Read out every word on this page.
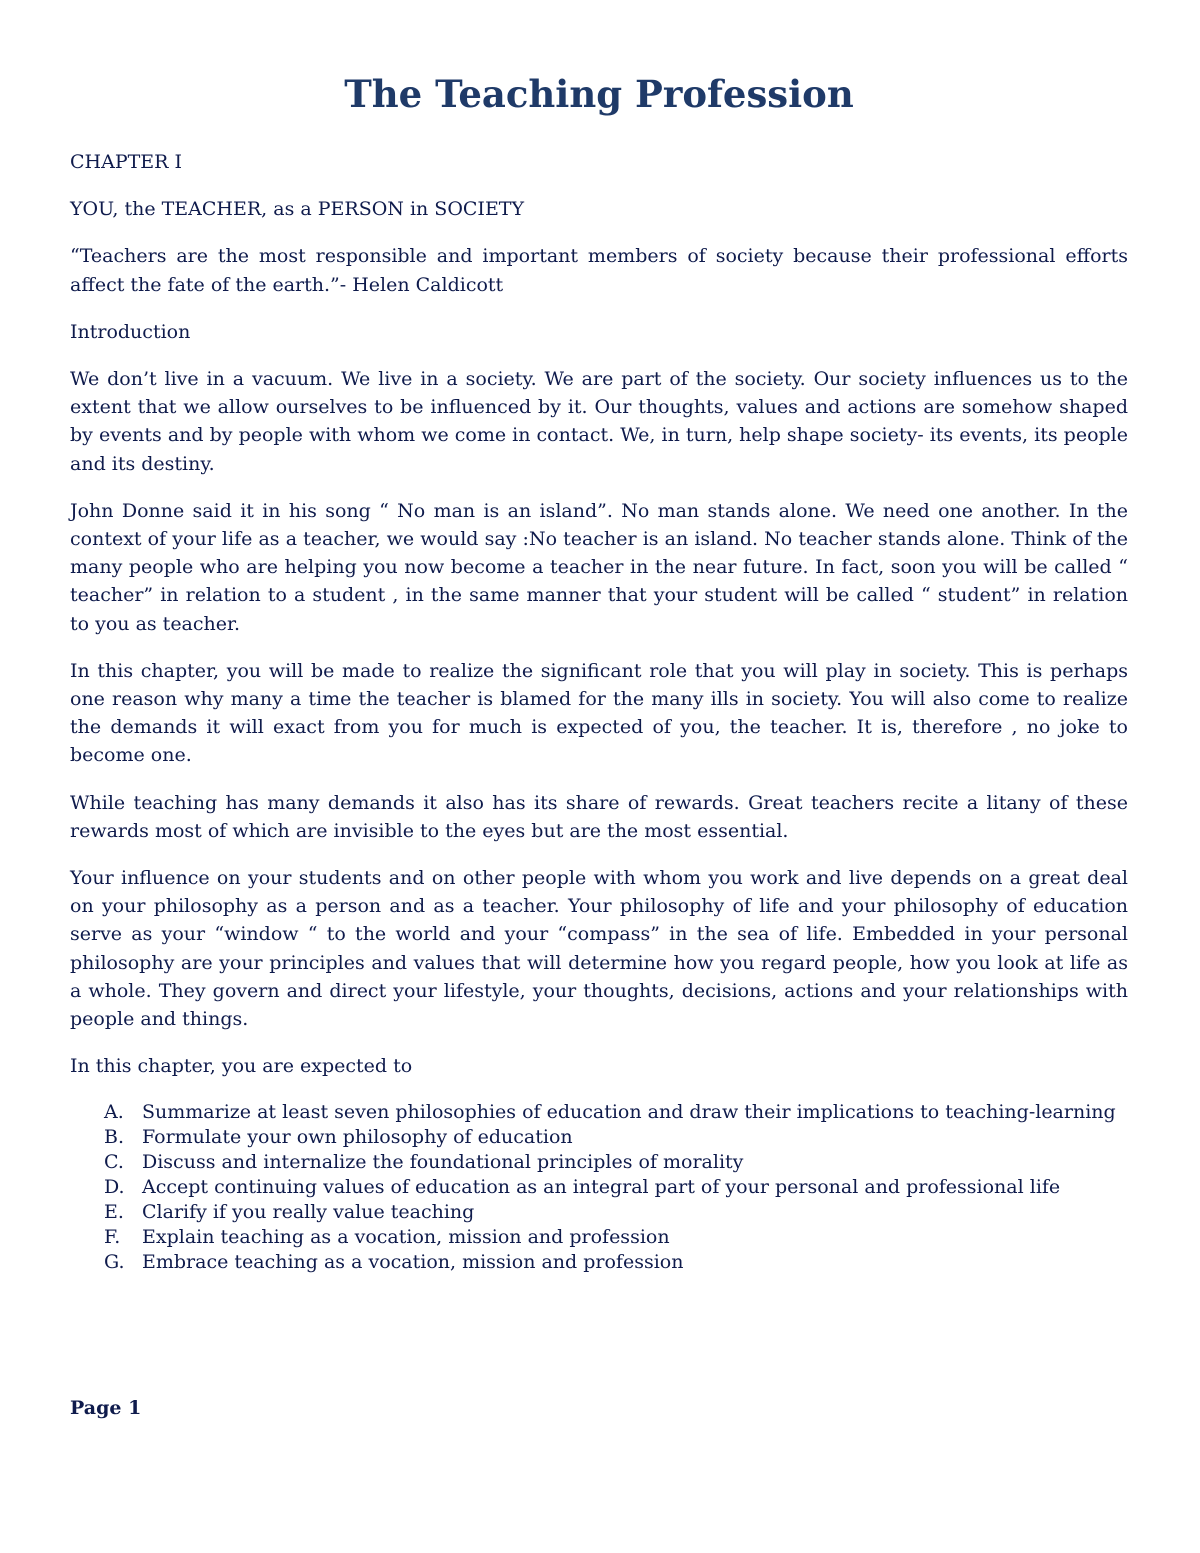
The Teaching Profession

CHAPTER I

YOU, the TEACHER, as a PERSON in SOCIETY

“Teachers are the most responsible and important members of society because their professional efforts affect the fate of the earth.”- Helen Caldicott

Introduction

We don’t live in a vacuum. We live in a society. We are part of the society. Our society influences us to the extent that we allow ourselves to be influenced by it. Our thoughts, values and actions are somehow shaped by events and by people with whom we come in contact. We, in turn, help shape society- its events, its people and its destiny.

John Donne said it in his song “ No man is an island”. No man stands alone. We need one another. In the context of your life as a teacher, we would say :No teacher is an island. No teacher stands alone. Think of the many people who are helping you now become a teacher in the near future. In fact, soon you will be called “ teacher” in relation to a student , in the same manner that your student will be called “ student” in relation to you as teacher.

In this chapter, you will be made to realize the significant role that you will play in society. This is perhaps one reason why many a time the teacher is blamed for the many ills in society. You will also come to realize the demands it will exact from you for much is expected of you, the teacher. It is, therefore , no joke to become one.

While teaching has many demands it also has its share of rewards. Great teachers recite a litany of these rewards most of which are invisible to the eyes but are the most essential.

Your influence on your students and on other people with whom you work and live depends on a great deal on your philosophy as a person and as a teacher. Your philosophy of life and your philosophy of education serve as your “window “ to the world and your “compass” in the sea of life. Embedded in your personal philosophy are your principles and values that will determine how you regard people, how you look at life as a whole. They govern and direct your lifestyle, your thoughts, decisions, actions and your relationships with people and things.

In this chapter, you are expected to

A. Summarize at least seven philosophies of education and draw their implications to teaching-learning
B. Formulate your own philosophy of education
C. Discuss and internalize the foundational principles of morality
D. Accept continuing values of education as an integral part of your personal and professional life
E. Clarify if you really value teaching
F. Explain teaching as a vocation, mission and profession
G. Embrace teaching as a vocation, mission and profession
Page 1
